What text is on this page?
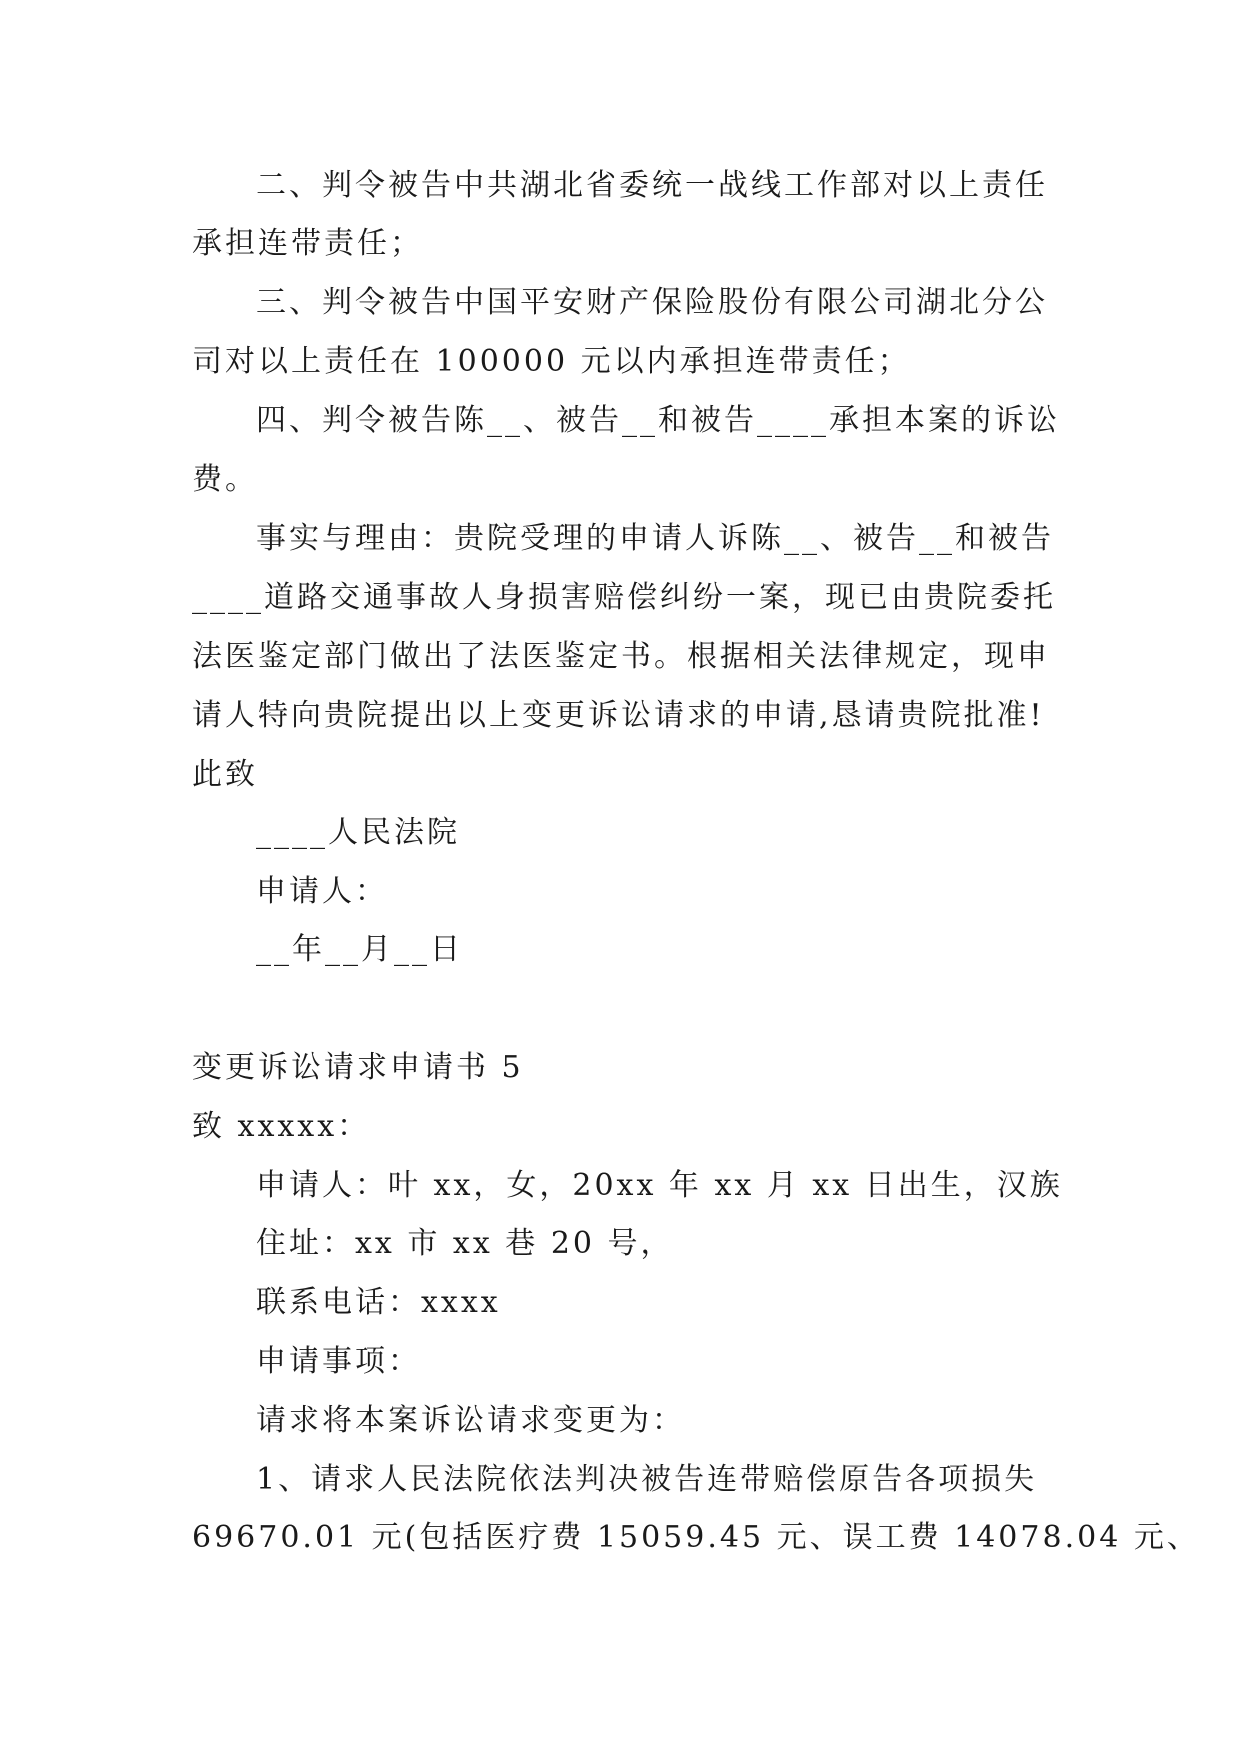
二、判令被告中共湖北省委统一战线工作部对以上责任
承担连带责任；
三、判令被告中国平安财产保险股份有限公司湖北分公
司对以上责任在 100000 元以内承担连带责任；
四、判令被告陈__、被告__和被告____承担本案的诉讼
费。
事实与理由：贵院受理的申请人诉陈__、被告__和被告
____道路交通事故人身损害赔偿纠纷一案，现已由贵院委托
法医鉴定部门做出了法医鉴定书。根据相关法律规定，现申
请人特向贵院提出以上变更诉讼请求的申请,恳请贵院批准!
此致
____人民法院
申请人：
__年__月__日
变更诉讼请求申请书 5
致 xxxxx：
申请人：叶 xx，女，20xx 年 xx 月 xx 日出生，汉族
住址：xx 市 xx 巷 20 号，
联系电话：xxxx
申请事项：
请求将本案诉讼请求变更为：
1、请求人民法院依法判决被告连带赔偿原告各项损失
69670.01 元(包括医疗费 15059.45 元、误工费 14078.04 元、
